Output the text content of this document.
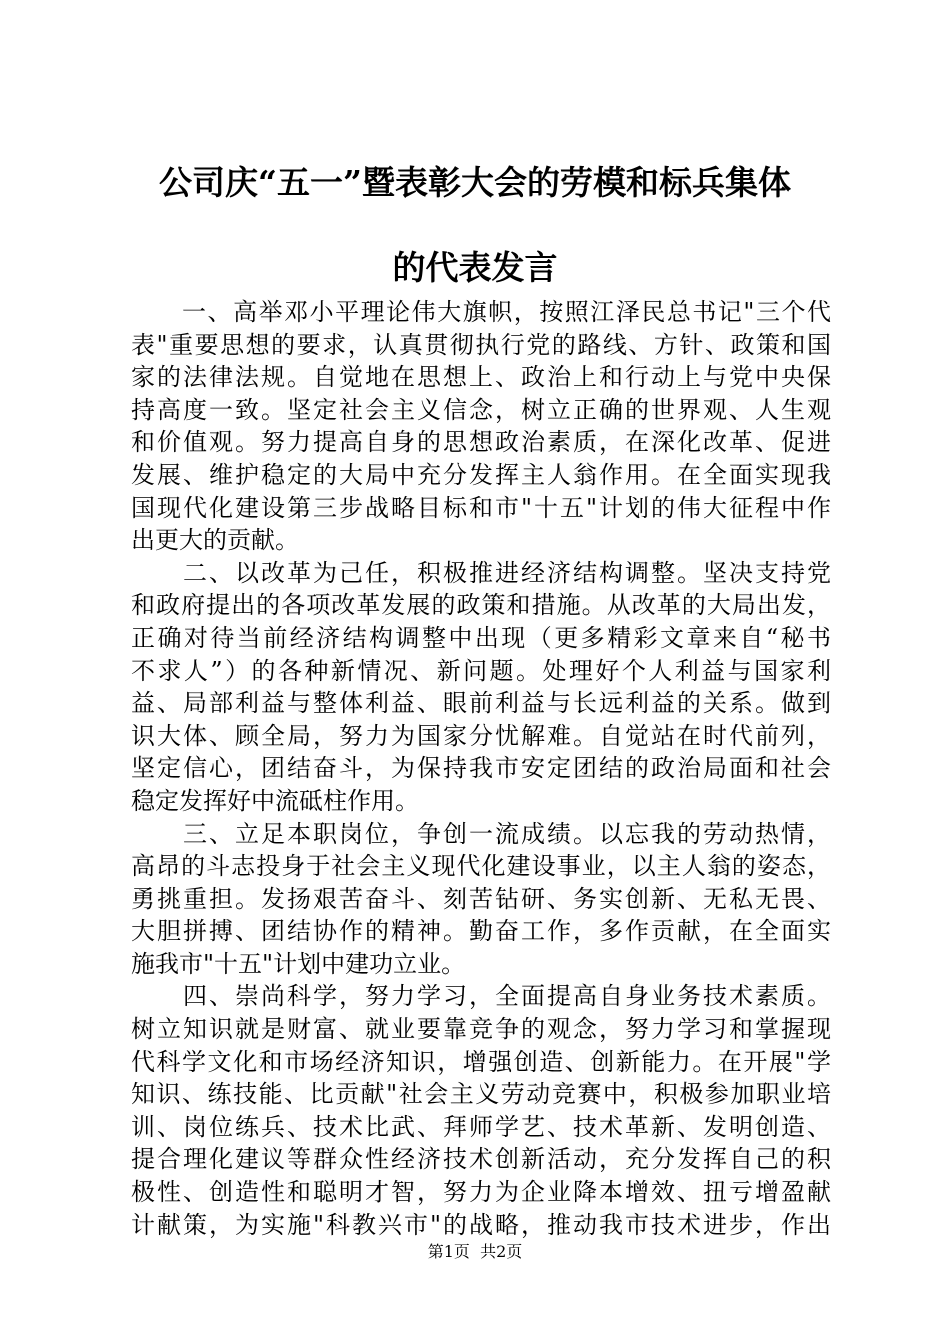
公司庆“五一”暨表彰大会的劳模和标兵集体
的代表发言
　　一、高举邓小平理论伟大旗帜，按照江泽民总书记"三个代
表"重要思想的要求，认真贯彻执行党的路线、方针、政策和国
家的法律法规。自觉地在思想上、政治上和行动上与党中央保
持高度一致。坚定社会主义信念，树立正确的世界观、人生观
和价值观。努力提高自身的思想政治素质，在深化改革、促进
发展、维护稳定的大局中充分发挥主人翁作用。在全面实现我
国现代化建设第三步战略目标和市"十五"计划的伟大征程中作
出更大的贡献。
　　二、以改革为己任，积极推进经济结构调整。坚决支持党
和政府提出的各项改革发展的政策和措施。从改革的大局出发，
正确对待当前经济结构调整中出现（更多精彩文章来自“秘书
不求人”）的各种新情况、新问题。处理好个人利益与国家利
益、局部利益与整体利益、眼前利益与长远利益的关系。做到
识大体、顾全局，努力为国家分忧解难。自觉站在时代前列，
坚定信心，团结奋斗，为保持我市安定团结的政治局面和社会
稳定发挥好中流砥柱作用。
　　三、立足本职岗位，争创一流成绩。以忘我的劳动热情，
高昂的斗志投身于社会主义现代化建设事业，以主人翁的姿态，
勇挑重担。发扬艰苦奋斗、刻苦钻研、务实创新、无私无畏、
大胆拼搏、团结协作的精神。勤奋工作，多作贡献，在全面实
施我市"十五"计划中建功立业。
　　四、崇尚科学，努力学习，全面提高自身业务技术素质。
树立知识就是财富、就业要靠竞争的观念，努力学习和掌握现
代科学文化和市场经济知识，增强创造、创新能力。在开展"学
知识、练技能、比贡献"社会主义劳动竞赛中，积极参加职业培
训、岗位练兵、技术比武、拜师学艺、技术革新、发明创造、
提合理化建议等群众性经济技术创新活动，充分发挥自己的积
极性、创造性和聪明才智，努力为企业降本增效、扭亏增盈献
计献策，为实施"科教兴市"的战略，推动我市技术进步，作出
第1页  共2页
